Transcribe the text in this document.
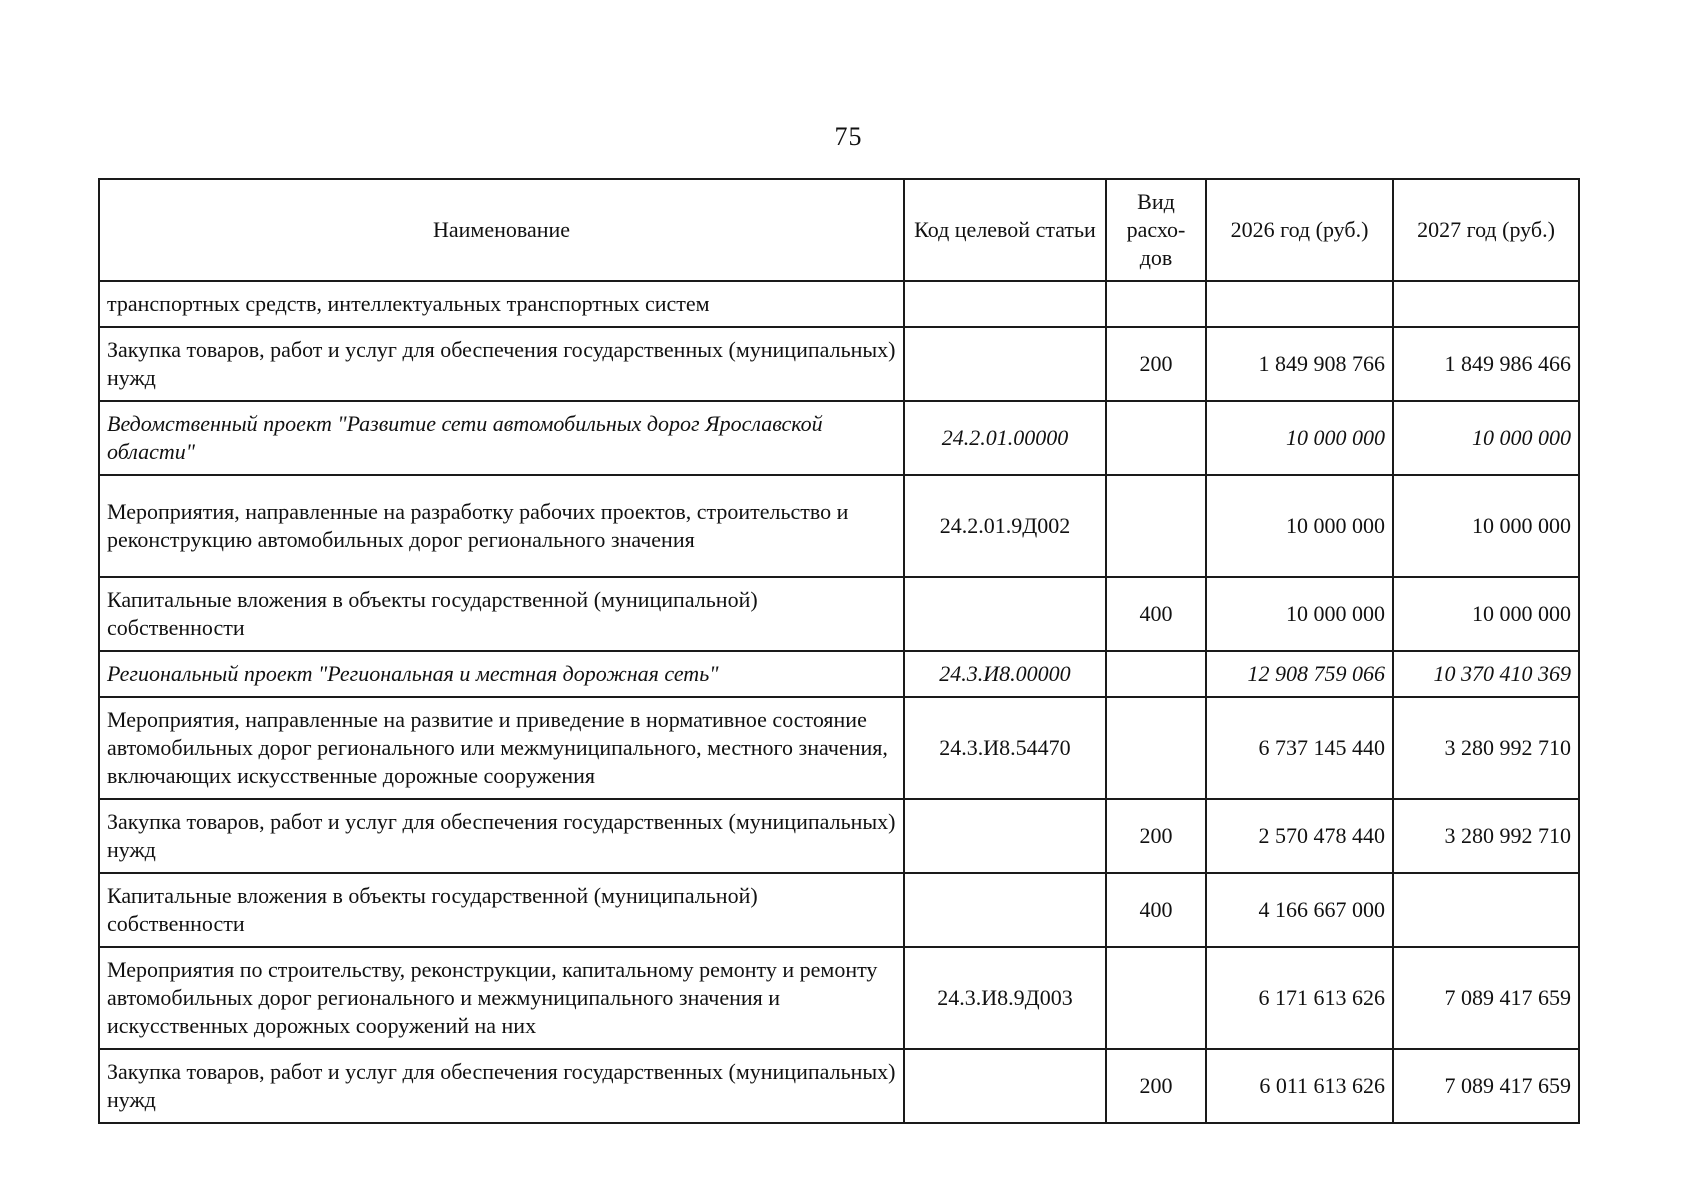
75
Наименование	Код целевой статьи	Вид расхо-дов	2026 год (руб.)	2027 год (руб.)
транспортных средств, интеллектуальных транспортных систем				
Закупка товаров, работ и услуг для обеспечения государственных (муниципальных) нужд		200	1 849 908 766	1 849 986 466
Ведомственный проект "Развитие сети автомобильных дорог Ярославской области"	24.2.01.00000		10 000 000	10 000 000
Мероприятия, направленные на разработку рабочих проектов, строительство и реконструкцию автомобильных дорог регионального значения	24.2.01.9Д002		10 000 000	10 000 000
Капитальные вложения в объекты государственной (муниципальной) собственности		400	10 000 000	10 000 000
Региональный проект "Региональная и местная дорожная сеть"	24.3.И8.00000		12 908 759 066	10 370 410 369
Мероприятия, направленные на развитие и приведение в нормативное состояние автомобильных дорог регионального или межмуниципального, местного значения, включающих искусственные дорожные сооружения	24.3.И8.54470		6 737 145 440	3 280 992 710
Закупка товаров, работ и услуг для обеспечения государственных (муниципальных) нужд		200	2 570 478 440	3 280 992 710
Капитальные вложения в объекты государственной (муниципальной) собственности		400	4 166 667 000	
Мероприятия по строительству, реконструкции, капитальному ремонту и ремонту автомобильных дорог регионального и межмуниципального значения и искусственных дорожных сооружений на них	24.3.И8.9Д003		6 171 613 626	7 089 417 659
Закупка товаров, работ и услуг для обеспечения государственных (муниципальных) нужд		200	6 011 613 626	7 089 417 659
